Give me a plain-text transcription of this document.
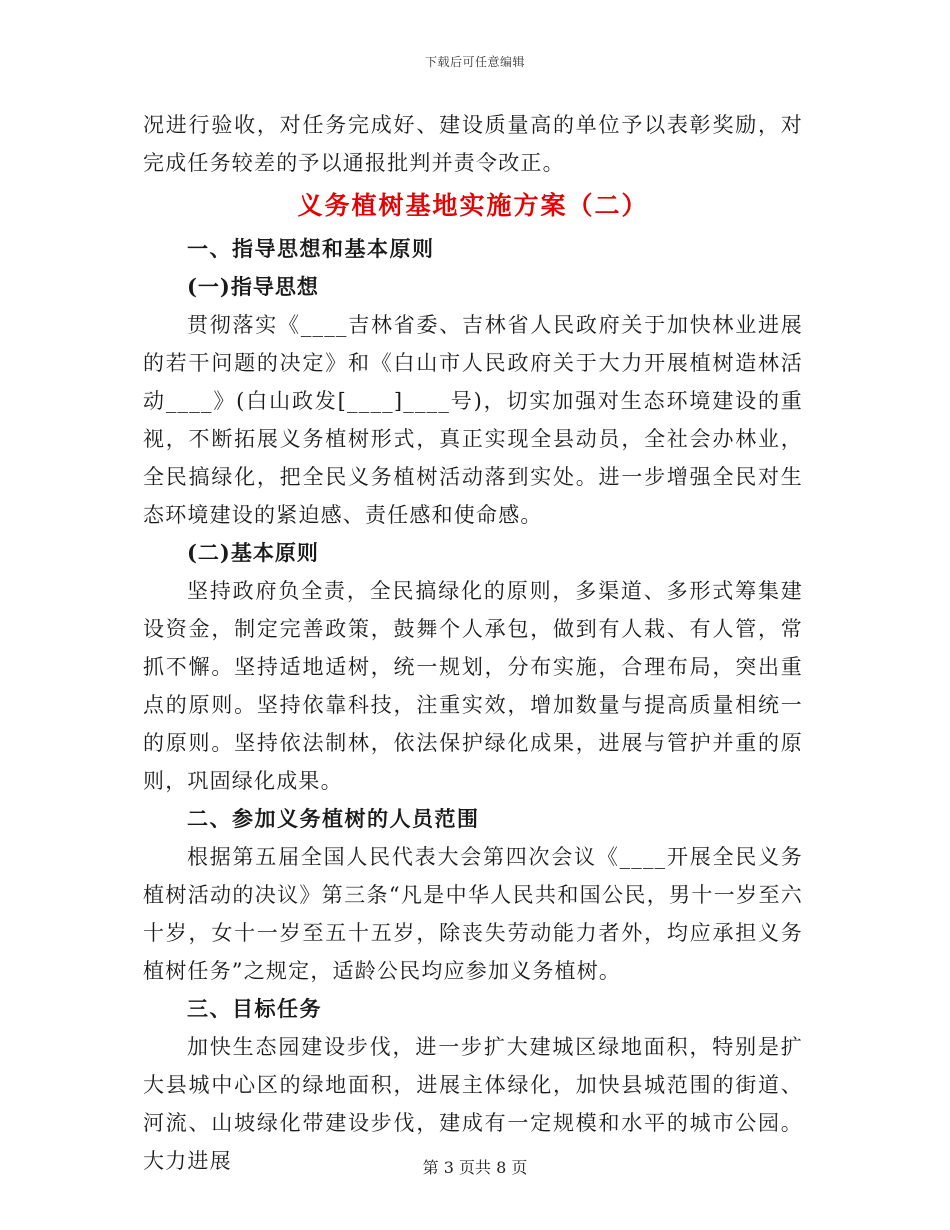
下载后可任意编辑

况进行验收，对任务完成好、建设质量高的单位予以表彰奖励，对完成任务较差的予以通报批判并责令改正。

义务植树基地实施方案（二）
一、指导思想和基本原则
(一)指导思想

贯彻落实《____吉林省委、吉林省人民政府关于加快林业进展的若干问题的决定》和《白山市人民政府关于大力开展植树造林活动____》(白山政发[____]____号)，切实加强对生态环境建设的重视，不断拓展义务植树形式，真正实现全县动员，全社会办林业，全民搞绿化，把全民义务植树活动落到实处。进一步增强全民对生态环境建设的紧迫感、责任感和使命感。

(二)基本原则

坚持政府负全责，全民搞绿化的原则，多渠道、多形式筹集建设资金，制定完善政策，鼓舞个人承包，做到有人栽、有人管，常抓不懈。坚持适地适树，统一规划，分布实施，合理布局，突出重点的原则。坚持依靠科技，注重实效，增加数量与提高质量相统一的原则。坚持依法制林，依法保护绿化成果，进展与管护并重的原则，巩固绿化成果。

二、参加义务植树的人员范围

根据第五届全国人民代表大会第四次会议《____开展全民义务植树活动的决议》第三条“凡是中华人民共和国公民，男十一岁至六十岁，女十一岁至五十五岁，除丧失劳动能力者外，均应承担义务植树任务”之规定，适龄公民均应参加义务植树。

三、目标任务

加快生态园建设步伐，进一步扩大建城区绿地面积，特别是扩大县城中心区的绿地面积，进展主体绿化，加快县城范围的街道、河流、山坡绿化带建设步伐，建成有一定规模和水平的城市公园。大力进展	第 3 页共 8 页
